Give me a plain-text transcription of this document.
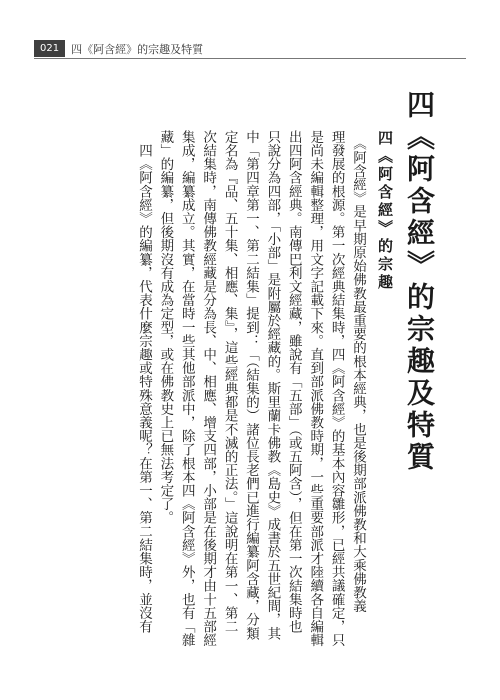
021	四《阿含經》的宗趣及特質
四《阿含經》的宗趣及特質
四《阿含經》的宗趣
　《阿含經》是早期原始佛教最重要的根本經典，也是後期部派佛教和大乘佛教義
理發展的根源。第一次經典結集時，四《阿含經》的基本內容雛形，已經共議確定，只
是尚未編輯整理，用文字記載下來。直到部派佛教時期，一些重要部派才陸續各自編輯
出四阿含經典。南傳巴利文經藏，雖說有「五部」（或五阿含），但在第一次結集時也
只說分為四部，「小部」是附屬於經藏的。斯里蘭卡佛教《島史》成書於五世紀間，其
中「第四章第一、第二結集」提到：「（結集的）諸位長老們已進行編纂阿含藏，分類
定名為『品、五十集、相應、集』，這些經典都是不滅的正法。」這說明在第一、第二
次結集時，南傳佛教經藏是分為長、中、相應、增支四部，小部是在後期才由十五部經
集成，編纂成立。其實，在當時一些其他部派中，除了根本四《阿含經》外，也有「雜
藏」的編纂，但後期沒有成為定型，或在佛教史上已無法考定了。
　四《阿含經》的編纂，代表什麼宗趣或特殊意義呢？在第一、第二結集時，並沒有
